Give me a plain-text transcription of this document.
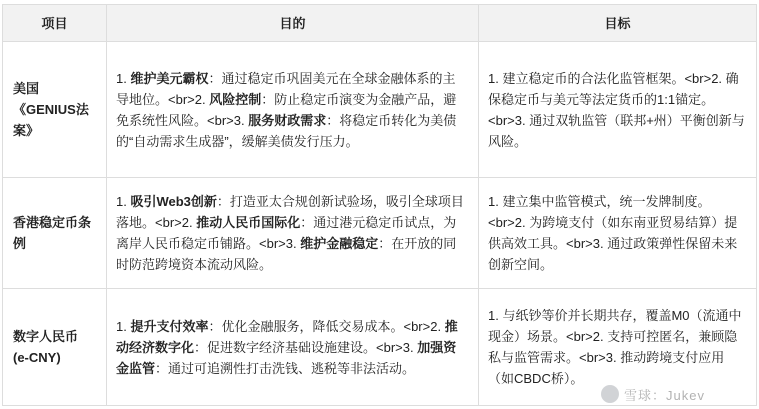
项目	目的	目标

美国
《GENIUS法
案》	1. 维护美元霸权：通过稳定币巩固美元在全球金融体系的主导地位。<br>2. 风险控制：防止稳定币演变为金融产品，避免系统性风险。<br>3. 服务财政需求：将稳定币转化为美债的“自动需求生成器”，缓解美债发行压力。	1. 建立稳定币的合法化监管框架。<br>2. 确保稳定币与美元等法定货币的1:1锚定。<br>3. 通过双轨监管（联邦+州）平衡创新与风险。

香港稳定币条
例	1. 吸引Web3创新：打造亚太合规创新试验场，吸引全球项目落地。<br>2. 推动人民币国际化：通过港元稳定币试点，为离岸人民币稳定币铺路。<br>3. 维护金融稳定：在开放的同时防范跨境资本流动风险。	1. 建立集中监管模式，统一发牌制度。<br>2. 为跨境支付（如东南亚贸易结算）提供高效工具。<br>3. 通过政策弹性保留未来创新空间。

数字人民币
(e-CNY)	1. 提升支付效率：优化金融服务，降低交易成本。<br>2. 推动经济数字化：促进数字经济基础设施建设。<br>3. 加强资金监管：通过可追溯性打击洗钱、逃税等非法活动。	1. 与纸钞等价并长期共存，覆盖M0（流通中现金）场景。<br>2. 支持可控匿名，兼顾隐私与监管需求。<br>3. 推动跨境支付应用（如CBDC桥）。
雪球：Jukev
